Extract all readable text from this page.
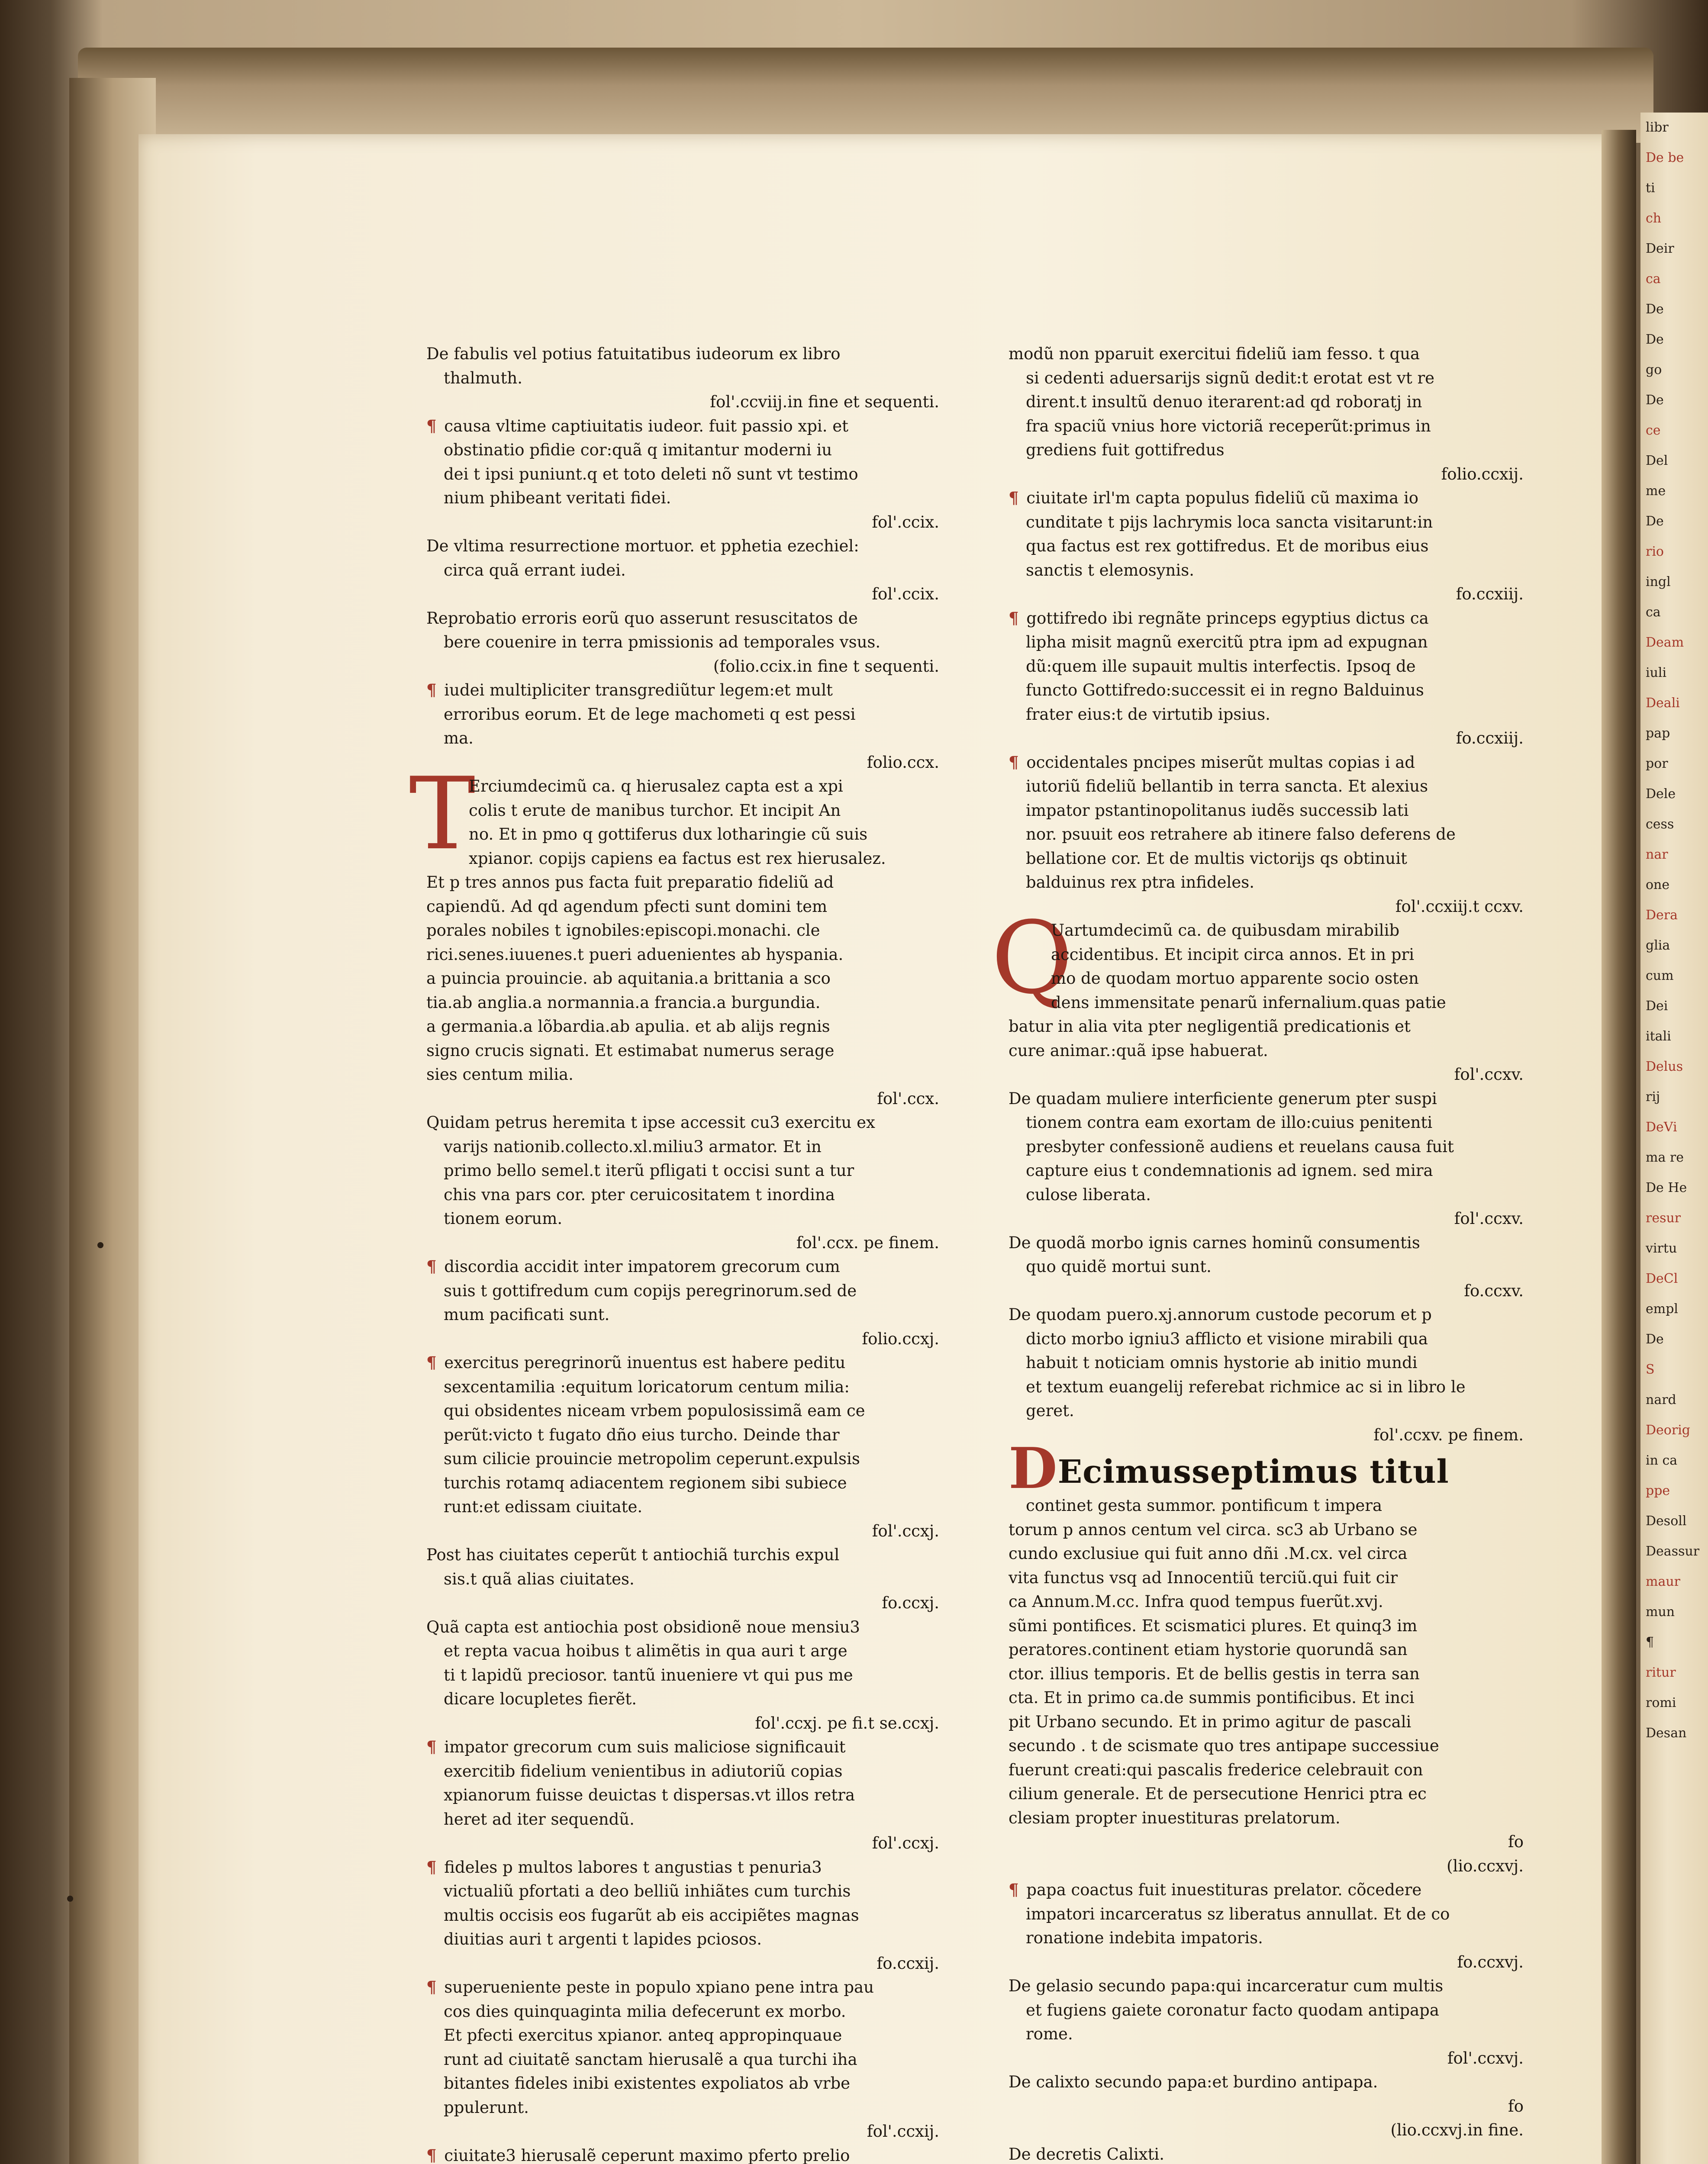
libr
De be
ti
ch
Deir
ca
De
De
go
De
ce
Del
me
De
rio
ingl
ca
Deam
iuli
Deali
pap
por
Dele
cess
nar
one
Dera
glia
cum
Dei
itali
Delus
rij
DeVi
ma re
De He
resur
virtu
DeCl
empl
De
S
nard
Deorig
in ca
ppe
Desoll
Deassur
maur
mun
¶
ritur
romi
Desan
De fabulis vel potius fatuitatibus iudeorum ex libro
thalmuth.
fol'.ccviij.in fine et sequenti.
¶ causa vltime captiuitatis iudeor. fuit passio xpi. et
obstinatio pfidie cor:quã q imitantur moderni iu
dei t ipsi puniunt.q et toto deleti nõ sunt vt testimo
nium phibeant veritati fidei.
fol'.ccix.
De vltima resurrectione mortuor. et pphetia ezechiel:
circa quã errant iudei.
fol'.ccix.
Reprobatio erroris eorũ quo asserunt resuscitatos de
bere couenire in terra pmissionis ad temporales vsus.
(folio.ccix.in fine t sequenti.
¶ iudei multipliciter transgrediũtur legem:et mult
erroribus eorum. Et de lege machometi q est pessi
ma.
folio.ccx.
T
Erciumdecimũ ca. q hierusalez capta est a xpi
colis t erute de manibus turchor. Et incipit An
no. Et in pmo q gottiferus dux lotharingie cũ suis
xpianor. copijs capiens ea factus est rex hierusalez.
Et p tres annos pus facta fuit preparatio fideliũ ad
capiendũ. Ad qd agendum pfecti sunt domini tem
porales nobiles t ignobiles:episcopi.monachi. cle
rici.senes.iuuenes.t pueri aduenientes ab hyspania.
a puincia prouincie. ab aquitania.a brittania a sco
tia.ab anglia.a normannia.a francia.a burgundia.
a germania.a lõbardia.ab apulia. et ab alijs regnis
signo crucis signati. Et estimabat numerus serage
sies centum milia.
fol'.ccx.
Quidam petrus heremita t ipse accessit cu3 exercitu ex
varijs nationib.collecto.xl.miliu3 armator. Et in
primo bello semel.t iterũ pfligati t occisi sunt a tur
chis vna pars cor. pter ceruicositatem t inordina
tionem eorum.
fol'.ccx. pe finem.
¶ discordia accidit inter impatorem grecorum cum
suis t gottifredum cum copijs peregrinorum.sed de
mum pacificati sunt.
folio.ccxj.
¶ exercitus peregrinorũ inuentus est habere peditu
sexcentamilia :equitum loricatorum centum milia:
qui obsidentes niceam vrbem populosissimã eam ce
perũt:victo t fugato dño eius turcho. Deinde thar
sum cilicie prouincie metropolim ceperunt.expulsis
turchis rotamq adiacentem regionem sibi subiece
runt:et edissam ciuitate.
fol'.ccxj.
Post has ciuitates ceperũt t antiochiã turchis expul
sis.t quã alias ciuitates.
fo.ccxj.
Quã capta est antiochia post obsidionẽ noue mensiu3
et repta vacua hoibus t alimẽtis in qua auri t arge
ti t lapidũ preciosor. tantũ inueniere vt qui pus me
dicare locupletes fierẽt.
fol'.ccxj. pe fi.t se.ccxj.
¶ impator grecorum cum suis maliciose significauit
exercitib fidelium venientibus in adiutoriũ copias
xpianorum fuisse deuictas t dispersas.vt illos retra
heret ad iter sequendũ.
fol'.ccxj.
¶ fideles p multos labores t angustias t penuria3
victualiũ pfortati a deo belliũ inhiãtes cum turchis
multis occisis eos fugarũt ab eis accipiẽtes magnas
diuitias auri t argenti t lapides pciosos.
fo.ccxij.
¶ superueniente peste in populo xpiano pene intra pau
cos dies quinquaginta milia defecerunt ex morbo.
Et pfecti exercitus xpianor. anteq appropinquaue
runt ad ciuitatẽ sanctam hierusalẽ a qua turchi iha
bitantes fideles inibi existentes expoliatos ab vrbe
ppulerunt.
fol'.ccxij.
¶ ciuitate3 hierusalẽ ceperunt maximo pferto prelio
modũ non pparuit exercitui fideliũ iam fesso. t qua
si cedenti aduersarijs signũ dedit:t erotat est vt re
dirent.t insultũ denuo iterarent:ad qd roboratj in
fra spaciũ vnius hore victoriã receperũt:primus in
grediens fuit gottifredus
folio.ccxij.
¶ ciuitate irl'm capta populus fideliũ cũ maxima io
cunditate t pijs lachrymis loca sancta visitarunt:in
qua factus est rex gottifredus. Et de moribus eius
sanctis t elemosynis.
fo.ccxiij.
¶ gottifredo ibi regnãte princeps egyptius dictus ca
lipha misit magnũ exercitũ ptra ipm ad expugnan
dũ:quem ille supauit multis interfectis. Ipsoq de
functo Gottifredo:successit ei in regno Balduinus
frater eius:t de virtutib ipsius.
fo.ccxiij.
¶ occidentales pncipes miserũt multas copias i ad
iutoriũ fideliũ bellantib in terra sancta. Et alexius
impator pstantinopolitanus iudẽs successib lati
nor. psuuit eos retrahere ab itinere falso deferens de
bellatione cor. Et de multis victorijs qs obtinuit
balduinus rex ptra infideles.
fol'.ccxiij.t ccxv.
Q
Uartumdecimũ ca. de quibusdam mirabilib
accidentibus. Et incipit circa annos. Et in pri
mo de quodam mortuo apparente socio osten
dens immensitate penarũ infernalium.quas patie
batur in alia vita pter negligentiã predicationis et
cure animar.:quã ipse habuerat.
fol'.ccxv.
De quadam muliere interficiente generum pter suspi
tionem contra eam exortam de illo:cuius penitenti
presbyter confessionẽ audiens et reuelans causa fuit
capture eius t condemnationis ad ignem. sed mira
culose liberata.
fol'.ccxv.
De quodã morbo ignis carnes hominũ consumentis
quo quidẽ mortui sunt.
fo.ccxv.
De quodam puero.xj.annorum custode pecorum et p
dicto morbo igniu3 afflicto et visione mirabili qua
habuit t noticiam omnis hystorie ab initio mundi
et textum euangelij referebat richmice ac si in libro le
geret.
fol'.ccxv. pe finem.
DEcimusseptimus titul
continet gesta summor. pontificum t impera
torum p annos centum vel circa. sc3 ab Urbano se
cundo exclusiue qui fuit anno dñi .M.cx. vel circa
vita functus vsq ad Innocentiũ terciũ.qui fuit cir
ca Annum.M.cc. Infra quod tempus fuerũt.xvj.
sũmi pontifices. Et scismatici plures. Et quinq3 im
peratores.continent etiam hystorie quorundã san
ctor. illius temporis. Et de bellis gestis in terra san
cta. Et in primo ca.de summis pontificibus. Et inci
pit Urbano secundo. Et in primo agitur de pascali
secundo . t de scismate quo tres antipape successiue
fuerunt creati:qui pascalis frederice celebrauit con
cilium generale. Et de persecutione Henrici ptra ec
clesiam propter inuestituras prelatorum.
fo
(lio.ccxvj.
¶ papa coactus fuit inuestituras prelator. cõcedere
impatori incarceratus sz liberatus annullat. Et de co
ronatione indebita impatoris.
fo.ccxvj.
De gelasio secundo papa:qui incarceratur cum multis
et fugiens gaiete coronatur facto quodam antipapa
rome.
fol'.ccxvj.
De calixto secundo papa:et burdino antipapa.
fo
(lio.ccxvj.in fine.
De decretis Calixti.
